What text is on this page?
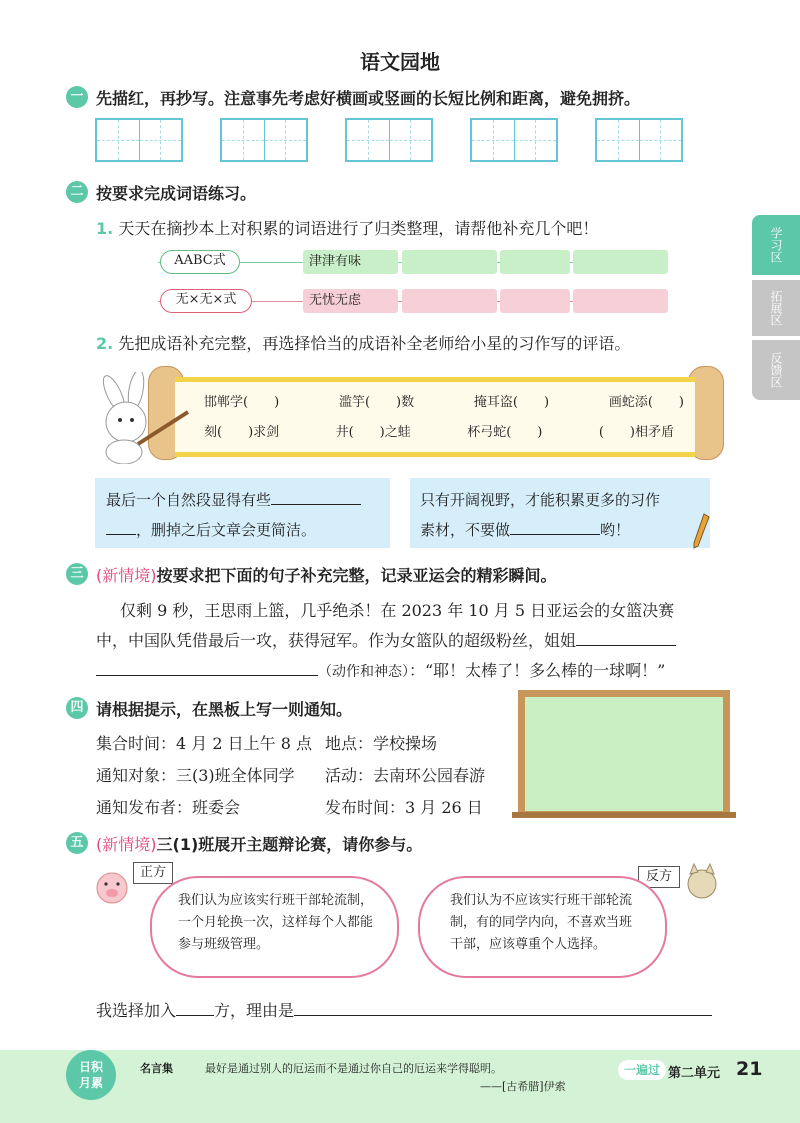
语文园地
学习区
拓展区
反馈区
一 先描红，再抄写。注意事先考虑好横画或竖画的长短比例和距离，避免拥挤。
二 按要求完成词语练习。
1. 天天在摘抄本上对积累的词语进行了归类整理，请帮他补充几个吧！
AABC式	津津有味
无×无×式	无忧无虑
2. 先把成语补充完整，再选择恰当的成语补全老师给小星的习作写的评语。
邯郸学(　　)	滥竽(　　)数	掩耳盗(　　)	画蛇添(　　)
刻(　　)求剑	井(　　)之蛙	杯弓蛇(　　)	(　　)相矛盾
最后一个自然段显得有些
，删掉之后文章会更简洁。
只有开阔视野，才能积累更多的习作
素材，不要做	哟！
三 (新情境)按要求把下面的句子补充完整，记录亚运会的精彩瞬间。
仅剩 9 秒，王思雨上篮，几乎绝杀！在 2023 年 10 月 5 日亚运会的女篮决赛
中，中国队凭借最后一攻，获得冠军。作为女篮队的超级粉丝，姐姐
（动作和神态）：“耶！太棒了！多么棒的一球啊！”
四 请根据提示，在黑板上写一则通知。
集合时间：4 月 2 日上午 8 点 地点：学校操场
通知对象：三(3)班全体同学 活动：去南环公园春游
通知发布者：班委会	发布时间：3 月 26 日
五 (新情境)三(1)班展开主题辩论赛，请你参与。
正方	反方
我们认为应该实行班干部轮流制，一个月轮换一次，这样每个人都能参与班级管理。
我们认为不应该实行班干部轮流制，有的同学内向，不喜欢当班干部，应该尊重个人选择。
我选择加入 方，理由是
日积
月累
名言集	最好是通过别人的厄运而不是通过你自己的厄运来学得聪明。
——[古希腊]伊索
一遍过 第二单元 21
